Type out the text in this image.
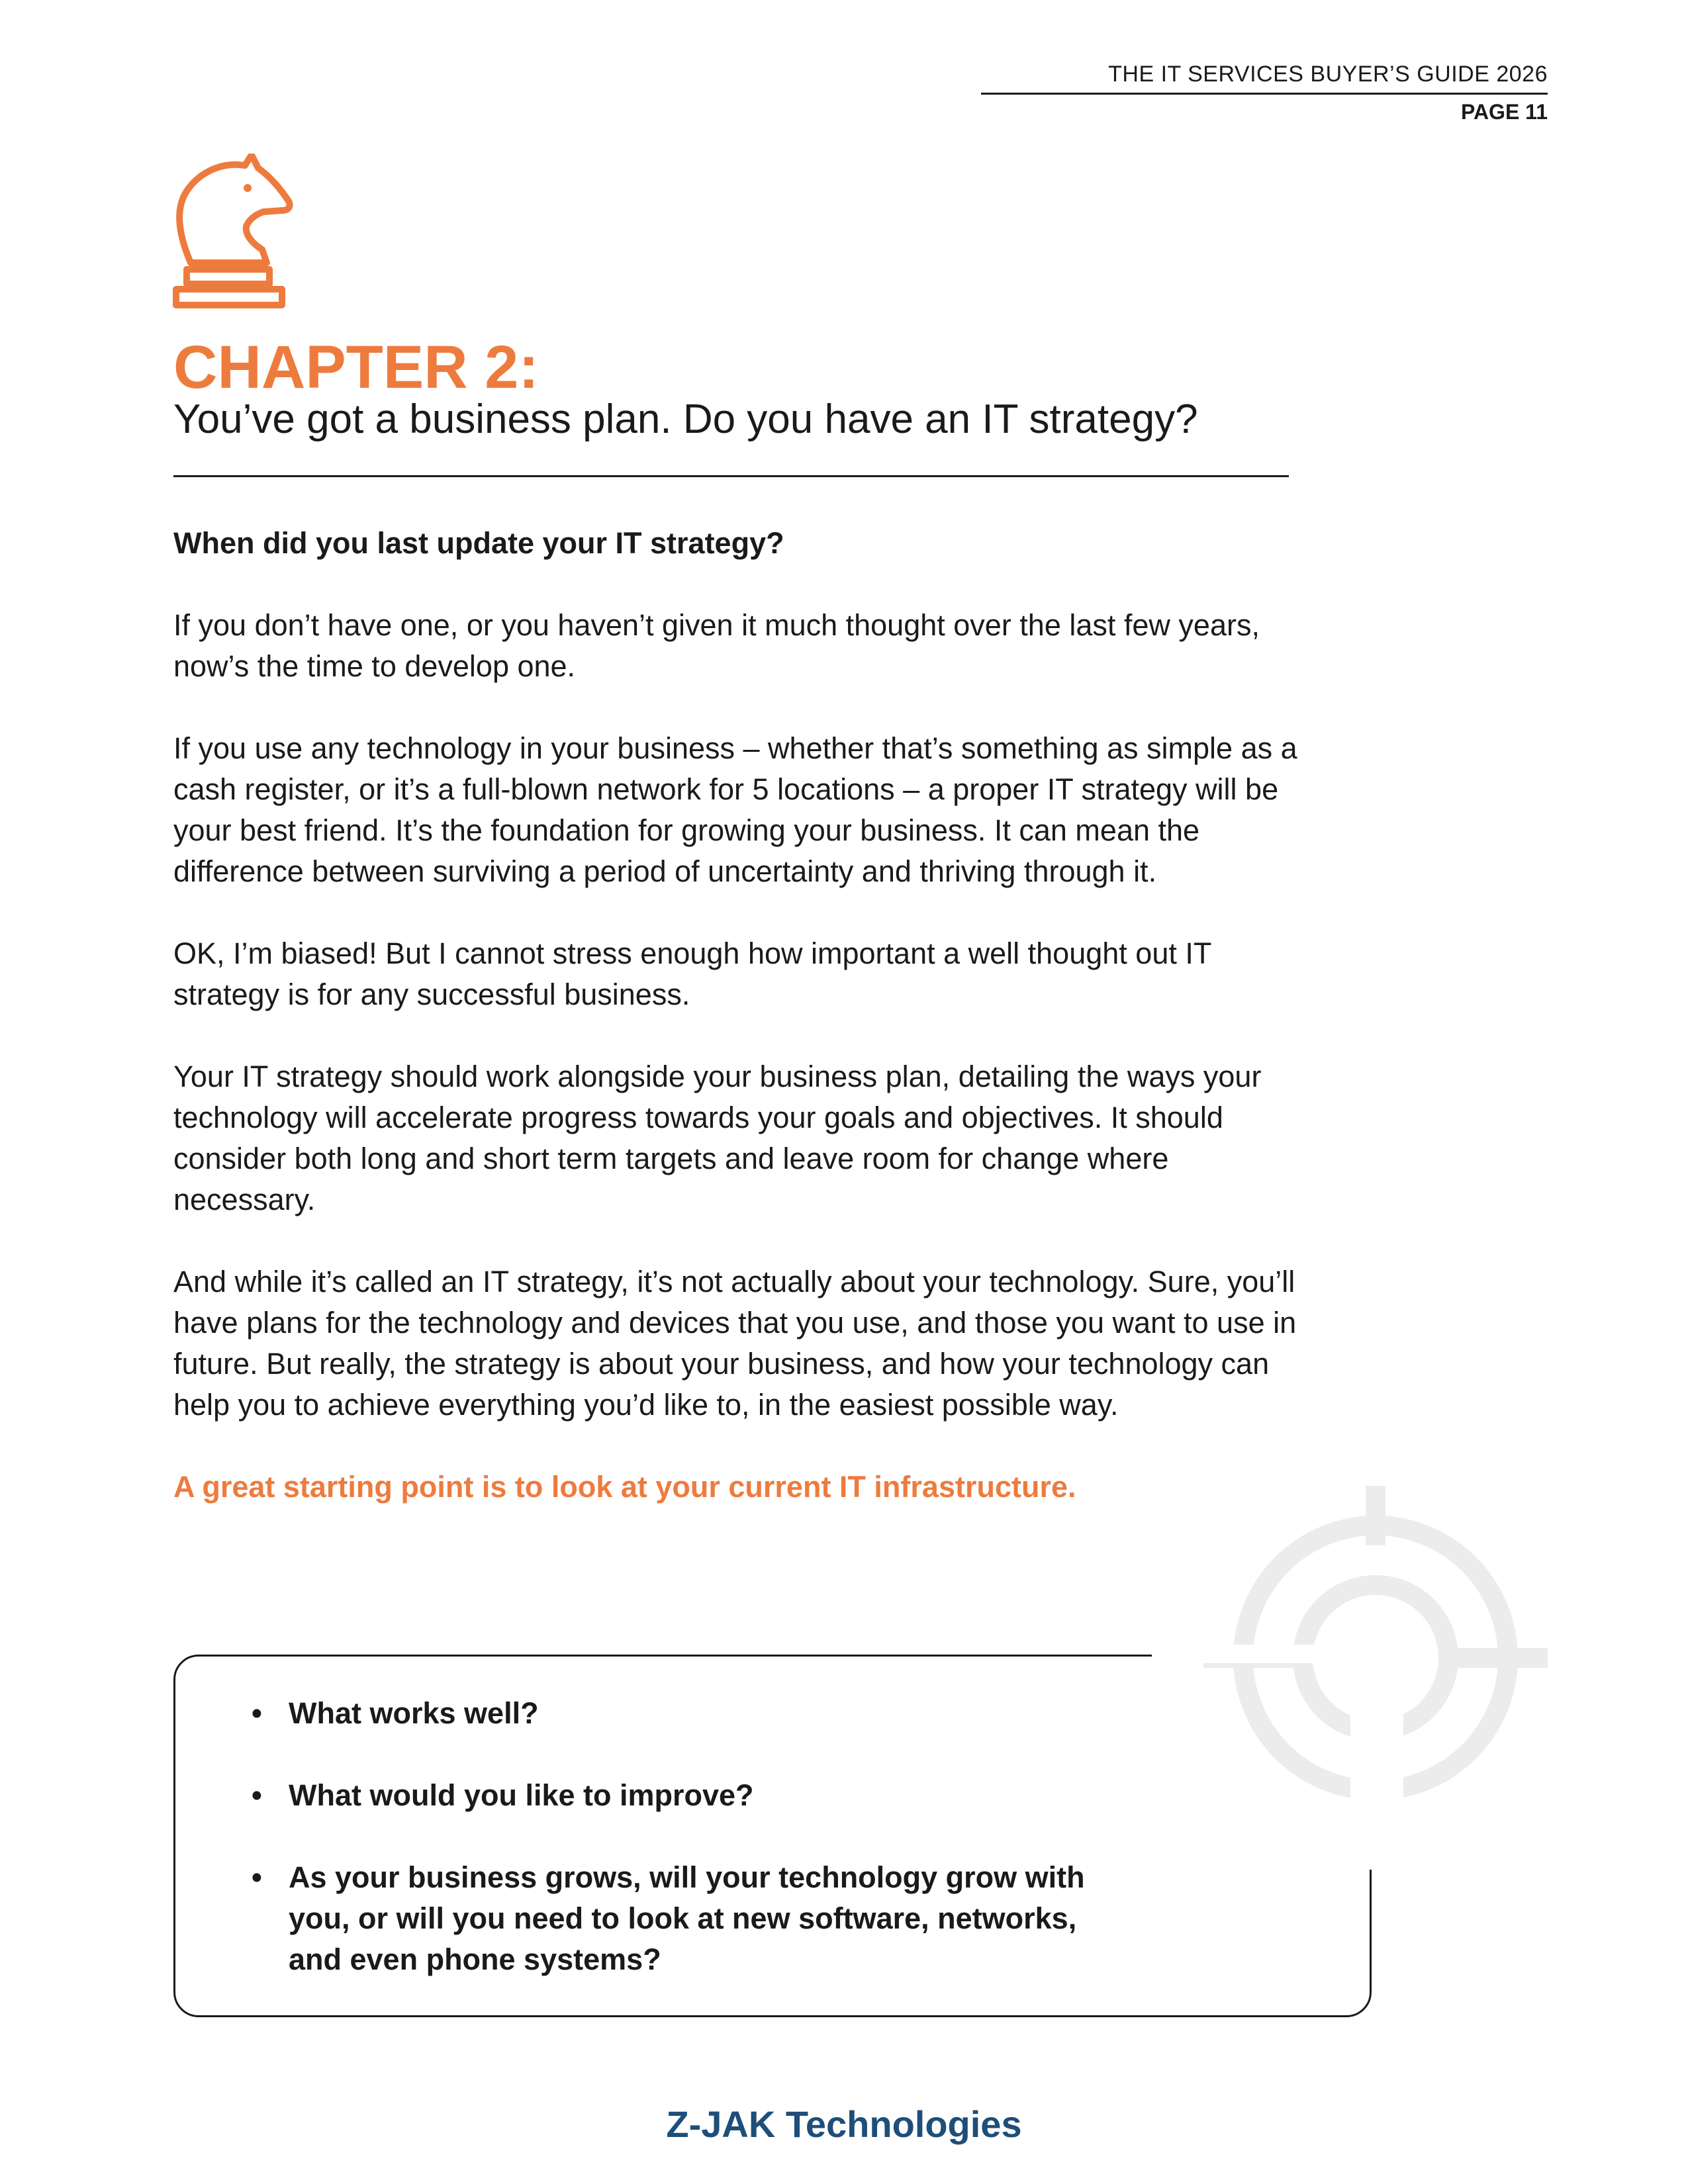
THE IT SERVICES BUYER’S GUIDE 2026
PAGE 11
CHAPTER 2:
You’ve got a business plan. Do you have an IT strategy?

When did you last update your IT strategy?

If you don’t have one, or you haven’t given it much thought over the last few years, now’s the time to develop one.

If you use any technology in your business – whether that’s something as simple as a cash register, or it’s a full-blown network for 5 locations – a proper IT strategy will be your best friend. It’s the foundation for growing your business. It can mean the difference between surviving a period of uncertainty and thriving through it.

OK, I’m biased! But I cannot stress enough how important a well thought out IT strategy is for any successful business.

Your IT strategy should work alongside your business plan, detailing the ways your technology will accelerate progress towards your goals and objectives. It should consider both long and short term targets and leave room for change where necessary.

And while it’s called an IT strategy, it’s not actually about your technology. Sure, you’ll have plans for the technology and devices that you use, and those you want to use in future. But really, the strategy is about your business, and how your technology can help you to achieve everything you’d like to, in the easiest possible way.

A great starting point is to look at your current IT infrastructure.

• What works well?
• What would you like to improve?
• As your business grows, will your technology grow with you, or will you need to look at new software, networks, and even phone systems?
Z-JAK Technologies
